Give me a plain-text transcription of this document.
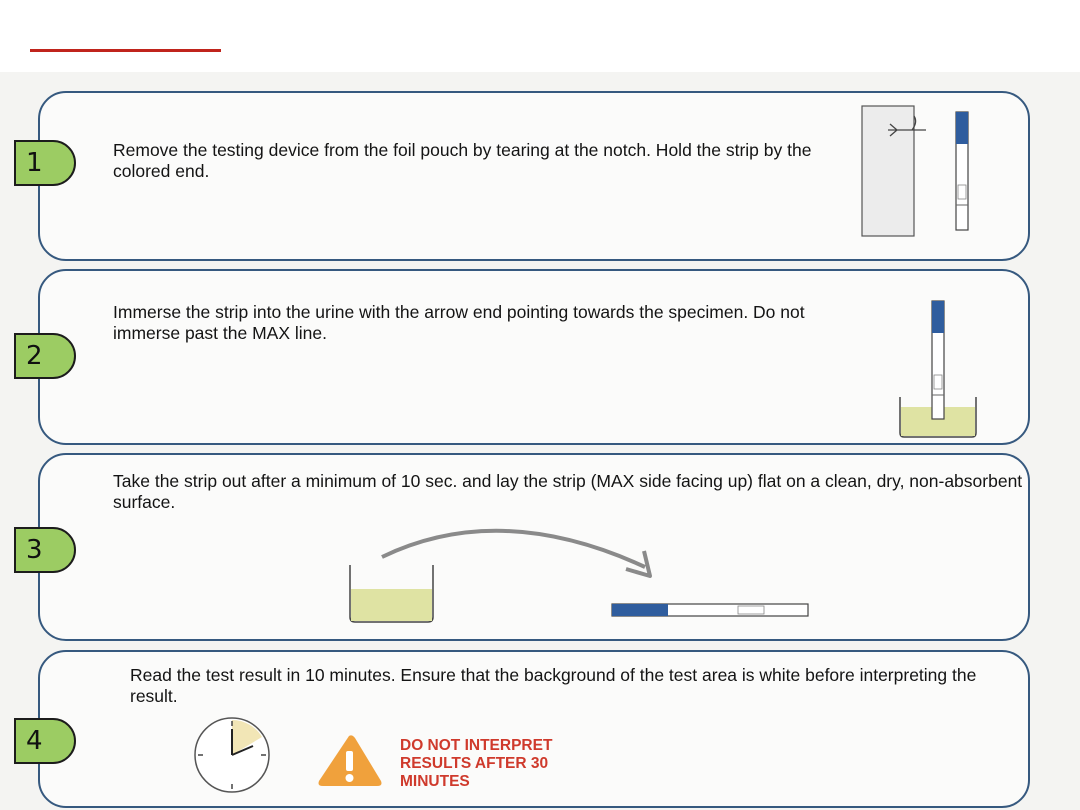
1	Remove the testing device from the foil pouch by tearing at the notch. Hold the strip by the colored end.

2

Immerse the strip into the urine with the arrow end pointing towards the specimen. Do not immerse past the MAX line.

3

Take the strip out after a minimum of 10 sec. and lay the strip (MAX side facing up) flat on a clean, dry, non-absorbent surface.

4

Read the test result in 10 minutes. Ensure that the background of the test area is white before interpreting the result.

DO NOT INTERPRET RESULTS AFTER 30 MINUTES
